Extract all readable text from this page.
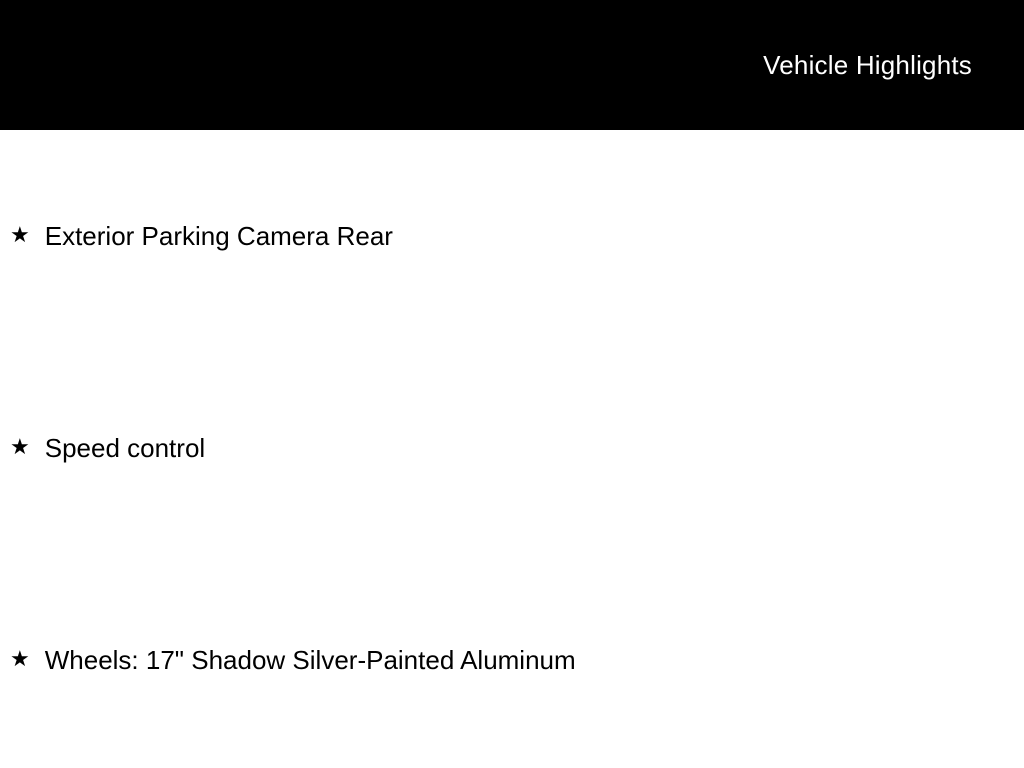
Vehicle Highlights
★ Exterior Parking Camera Rear
★ Speed control
★ Wheels: 17" Shadow Silver-Painted Aluminum
